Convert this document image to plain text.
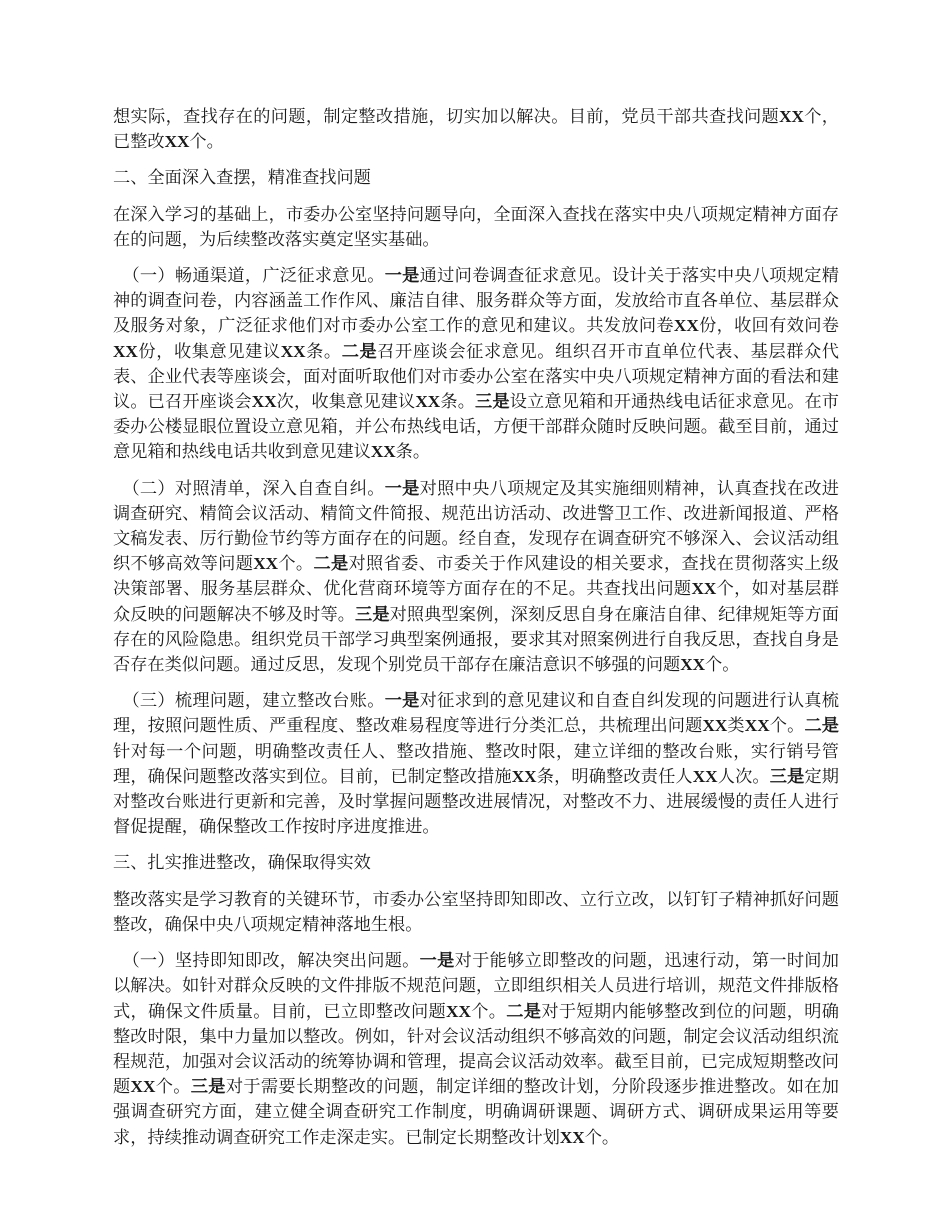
想实际，查找存在的问题，制定整改措施，切实加以解决。目前，党员干部共查找问题XX个，已整改XX个。

二、全面深入查摆，精准查找问题

在深入学习的基础上，市委办公室坚持问题导向，全面深入查找在落实中央八项规定精神方面存在的问题，为后续整改落实奠定坚实基础。

（一）畅通渠道，广泛征求意见。一是通过问卷调查征求意见。设计关于落实中央八项规定精神的调查问卷，内容涵盖工作作风、廉洁自律、服务群众等方面，发放给市直各单位、基层群众及服务对象，广泛征求他们对市委办公室工作的意见和建议。共发放问卷XX份，收回有效问卷XX份，收集意见建议XX条。二是召开座谈会征求意见。组织召开市直单位代表、基层群众代表、企业代表等座谈会，面对面听取他们对市委办公室在落实中央八项规定精神方面的看法和建议。已召开座谈会XX次，收集意见建议XX条。三是设立意见箱和开通热线电话征求意见。在市委办公楼显眼位置设立意见箱，并公布热线电话，方便干部群众随时反映问题。截至目前，通过意见箱和热线电话共收到意见建议XX条。

（二）对照清单，深入自查自纠。一是对照中央八项规定及其实施细则精神，认真查找在改进调查研究、精简会议活动、精简文件简报、规范出访活动、改进警卫工作、改进新闻报道、严格文稿发表、厉行勤俭节约等方面存在的问题。经自查，发现存在调查研究不够深入、会议活动组织不够高效等问题XX个。二是对照省委、市委关于作风建设的相关要求，查找在贯彻落实上级决策部署、服务基层群众、优化营商环境等方面存在的不足。共查找出问题XX个，如对基层群众反映的问题解决不够及时等。三是对照典型案例，深刻反思自身在廉洁自律、纪律规矩等方面存在的风险隐患。组织党员干部学习典型案例通报，要求其对照案例进行自我反思，查找自身是否存在类似问题。通过反思，发现个别党员干部存在廉洁意识不够强的问题XX个。

（三）梳理问题，建立整改台账。一是对征求到的意见建议和自查自纠发现的问题进行认真梳理，按照问题性质、严重程度、整改难易程度等进行分类汇总，共梳理出问题XX类XX个。二是针对每一个问题，明确整改责任人、整改措施、整改时限，建立详细的整改台账，实行销号管理，确保问题整改落实到位。目前，已制定整改措施XX条，明确整改责任人XX人次。三是定期对整改台账进行更新和完善，及时掌握问题整改进展情况，对整改不力、进展缓慢的责任人进行督促提醒，确保整改工作按时序进度推进。

三、扎实推进整改，确保取得实效

整改落实是学习教育的关键环节，市委办公室坚持即知即改、立行立改，以钉钉子精神抓好问题整改，确保中央八项规定精神落地生根。

（一）坚持即知即改，解决突出问题。一是对于能够立即整改的问题，迅速行动，第一时间加以解决。如针对群众反映的文件排版不规范问题，立即组织相关人员进行培训，规范文件排版格式，确保文件质量。目前，已立即整改问题XX个。二是对于短期内能够整改到位的问题，明确整改时限，集中力量加以整改。例如，针对会议活动组织不够高效的问题，制定会议活动组织流程规范，加强对会议活动的统筹协调和管理，提高会议活动效率。截至目前，已完成短期整改问题XX个。三是对于需要长期整改的问题，制定详细的整改计划，分阶段逐步推进整改。如在加强调查研究方面，建立健全调查研究工作制度，明确调研课题、调研方式、调研成果运用等要求，持续推动调查研究工作走深走实。已制定长期整改计划XX个。
